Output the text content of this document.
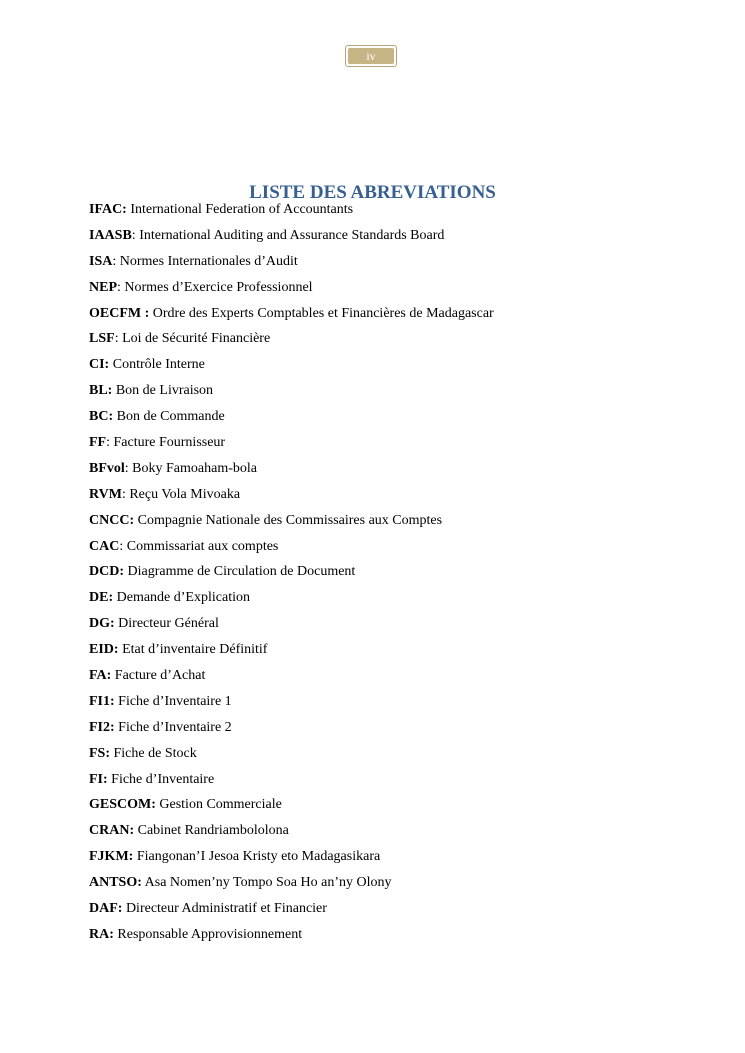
iv
LISTE DES ABREVIATIONS
IFAC: International Federation of Accountants
IAASB: International Auditing and Assurance Standards Board
ISA: Normes Internationales d’Audit
NEP: Normes d’Exercice Professionnel
OECFM : Ordre des Experts Comptables et Financières de Madagascar
LSF: Loi de Sécurité Financière
CI: Contrôle Interne
BL: Bon de Livraison
BC: Bon de Commande
FF: Facture Fournisseur
BFvol: Boky Famoaham-bola
RVM: Reçu Vola Mivoaka
CNCC: Compagnie Nationale des Commissaires aux Comptes
CAC: Commissariat aux comptes
DCD: Diagramme de Circulation de Document
DE: Demande d’Explication
DG: Directeur Général
EID: Etat d’inventaire Définitif
FA: Facture d’Achat
FI1: Fiche d’Inventaire 1
FI2: Fiche d’Inventaire 2
FS: Fiche de Stock
FI: Fiche d’Inventaire
GESCOM: Gestion Commerciale
CRAN: Cabinet Randriambololona
FJKM: Fiangonan’I Jesoa Kristy eto Madagasikara
ANTSO: Asa Nomen’ny Tompo Soa Ho an’ny Olony
DAF: Directeur Administratif et Financier
RA: Responsable Approvisionnement
